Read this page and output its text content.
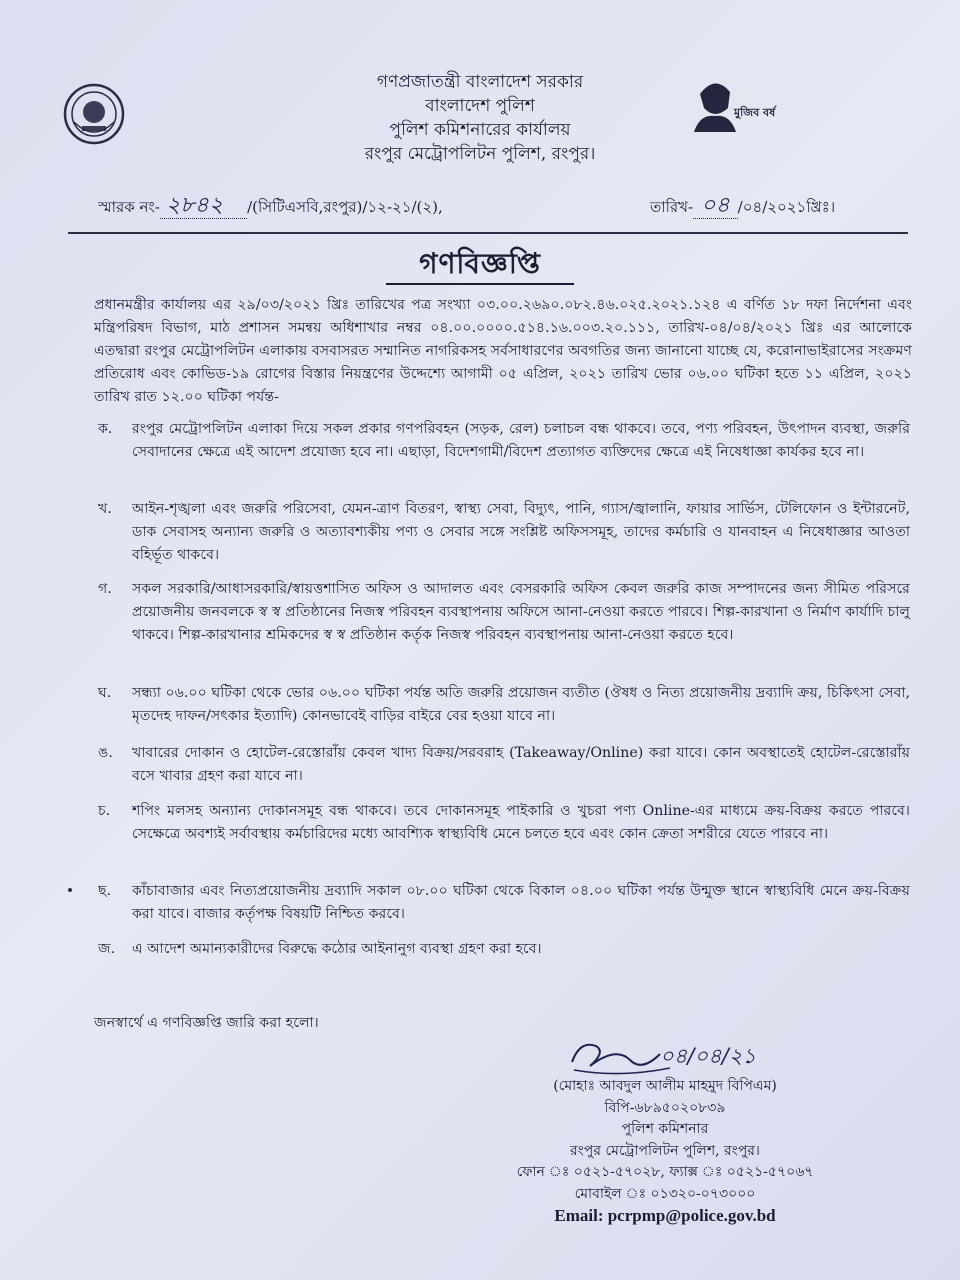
গণপ্রজাতন্ত্রী বাংলাদেশ সরকার
বাংলাদেশ পুলিশ
পুলিশ কমিশনারের কার্যালয়
রংপুর মেট্রোপলিটন পুলিশ, রংপুর।
মুজিব বর্ষ
স্মারক নং- ২৮৪২ /(সিটিএসবি,রংপুর)/১২-২১/(২),	তারিখ- ০৪ /০৪/২০২১খ্রিঃ।
গণবিজ্ঞপ্তি
প্রধানমন্ত্রীর কার্যালয় এর ২৯/০৩/২০২১ খ্রিঃ তারিখের পত্র সংখ্যা ০৩.০০.২৬৯০.০৮২.৪৬.০২৫.২০২১.১২৪ এ বর্ণিত ১৮ দফা নির্দেশনা এবং মন্ত্রিপরিষদ বিভাগ, মাঠ প্রশাসন সমন্বয় অধিশাখার নম্বর ০৪.০০.০০০০.৫১৪.১৬.০০৩.২০.১১১, তারিখ-০৪/০৪/২০২১ খ্রিঃ এর আলোকে এতদ্বারা রংপুর মেট্রোপলিটন এলাকায় বসবাসরত সম্মানিত নাগরিকসহ সর্বসাধারণের অবগতির জন্য জানানো যাচ্ছে যে, করোনাভাইরাসের সংক্রমণ প্রতিরোধ এবং কোভিড-১৯ রোগের বিস্তার নিয়ন্ত্রণের উদ্দেশ্যে আগামী ০৫ এপ্রিল, ২০২১ তারিখ ভোর ০৬.০০ ঘটিকা হতে ১১ এপ্রিল, ২০২১ তারিখ রাত ১২.০০ ঘটিকা পর্যন্ত-
ক.	রংপুর মেট্রোপলিটন এলাকা দিয়ে সকল প্রকার গণপরিবহন (সড়ক, রেল) চলাচল বন্ধ থাকবে। তবে, পণ্য পরিবহন, উৎপাদন ব্যবস্থা, জরুরি সেবাদানের ক্ষেত্রে এই আদেশ প্রযোজ্য হবে না। এছাড়া, বিদেশগামী/বিদেশ প্রত্যাগত ব্যক্তিদের ক্ষেত্রে এই নিষেধাজ্ঞা কার্যকর হবে না।
খ.	আইন-শৃঙ্খলা এবং জরুরি পরিসেবা, যেমন-ত্রাণ বিতরণ, স্বাস্থ্য সেবা, বিদ্যুৎ, পানি, গ্যাস/জ্বালানি, ফায়ার সার্ভিস, টেলিফোন ও ইন্টারনেট, ডাক সেবাসহ অন্যান্য জরুরি ও অত্যাবশ্যকীয় পণ্য ও সেবার সঙ্গে সংশ্লিষ্ট অফিসসমূহ, তাদের কর্মচারি ও যানবাহন এ নিষেধাজ্ঞার আওতা বহির্ভূত থাকবে।
গ.	সকল সরকারি/আধাসরকারি/স্বায়ত্তশাসিত অফিস ও আদালত এবং বেসরকারি অফিস কেবল জরুরি কাজ সম্পাদনের জন্য সীমিত পরিসরে প্রয়োজনীয় জনবলকে স্ব স্ব প্রতিষ্ঠানের নিজস্ব পরিবহন ব্যবস্থাপনায় অফিসে আনা-নেওয়া করতে পারবে। শিল্প-কারখানা ও নির্মাণ কার্যাদি চালু থাকবে। শিল্প-কারখানার শ্রমিকদের স্ব স্ব প্রতিষ্ঠান কর্তৃক নিজস্ব পরিবহন ব্যবস্থাপনায় আনা-নেওয়া করতে হবে।
ঘ.	সন্ধ্যা ০৬.০০ ঘটিকা থেকে ভোর ০৬.০০ ঘটিকা পর্যন্ত অতি জরুরি প্রয়োজন ব্যতীত (ঔষধ ও নিত্য প্রয়োজনীয় দ্রব্যাদি ক্রয়, চিকিৎসা সেবা, মৃতদেহ দাফন/সৎকার ইত্যাদি) কোনভাবেই বাড়ির বাইরে বের হওয়া যাবে না।
ঙ.	খাবারের দোকান ও হোটেল-রেস্তোরাঁয় কেবল খাদ্য বিক্রয়/সরবরাহ (Takeaway/Online) করা যাবে। কোন অবস্থাতেই হোটেল-রেস্তোরাঁয় বসে খাবার গ্রহণ করা যাবে না।
চ.	শপিং মলসহ অন্যান্য দোকানসমূহ বন্ধ থাকবে। তবে দোকানসমূহ পাইকারি ও খুচরা পণ্য Online-এর মাধ্যমে ক্রয়-বিক্রয় করতে পারবে। সেক্ষেত্রে অবশ্যই সর্বাবস্থায় কর্মচারিদের মধ্যে আবশ্যিক স্বাস্থ্যবিধি মেনে চলতে হবে এবং কোন ক্রেতা সশরীরে যেতে পারবে না।
ছ.	কাঁচাবাজার এবং নিত্যপ্রয়োজনীয় দ্রব্যাদি সকাল ০৮.০০ ঘটিকা থেকে বিকাল ০৪.০০ ঘটিকা পর্যন্ত উন্মুক্ত স্থানে স্বাস্থ্যবিধি মেনে ক্রয়-বিক্রয় করা যাবে। বাজার কর্তৃপক্ষ বিষয়টি নিশ্চিত করবে।
জ.	এ আদেশ অমান্যকারীদের বিরুদ্ধে কঠোর আইনানুগ ব্যবস্থা গ্রহণ করা হবে।
জনস্বার্থে এ গণবিজ্ঞপ্তি জারি করা হলো।
০৪/০৪/২১
(মোহাঃ আবদুল আলীম মাহমুদ বিপিএম)
বিপি-৬৮৯৫০২০৮৩৯
পুলিশ কমিশনার
রংপুর মেট্রোপলিটন পুলিশ, রংপুর।
ফোন ঃ ০৫২১-৫৭০২৮, ফ্যাক্স ঃ ০৫২১-৫৭০৬৭
মোবাইল ঃ ০১৩২০-০৭৩০০০
Email: pcrpmp@police.gov.bd
